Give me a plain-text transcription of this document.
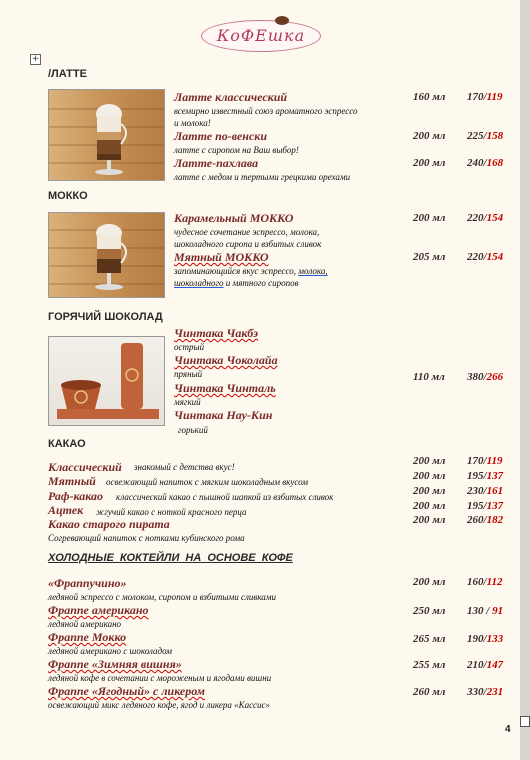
КоФЕшка
+
/ЛАТТЕ
Латте классический
всемирно известный союз ароматного эспрессо
и молока!
160 мл 170/119
Латте по-венски
латте с сиропом на Ваш выбор!
200 мл 225/158
Латте-пахлава
латте с медом и тертыми грецкими орехами
200 мл 240/168
МОККО
Карамельный МОККО
чудесное сочетание эспрессо, молока,
шоколадного сиропа и взбитых сливок
200 мл 220/154
Мятный МОККО
запоминающийся вкус эспрессо, молока,
шоколадного и мятного сиропов
205 мл 220/154
ГОРЯЧИЙ ШОКОЛАД
Чинтака Чакбэ
острый
Чинтака Чоколайа
пряный
Чинтака Чинталь
мягкий
Чинтака Нау-Кин
горький
110 мл 380/266
КАКАО
Классический знакомый с детства вкус!	200 мл 170/119
Мятный освежающий напиток с мягким шоколадным вкусом	200 мл 195/137
Раф-какао классический какао с пышной шапкой из взбитых сливок	200 мл 230/161
Ацтек жгучий какао с ноткой красного перца	200 мл 195/137
Какао старого пирата
Согревающий напиток с нотками кубинского рома
200 мл 260/182
ХОЛОДНЫЕ КОКТЕЙЛИ НА ОСНОВЕ КОФЕ
«Фраппучино»
ледяной эспрессо с молоком, сиропом и взбитыми сливками
200 мл 160/112
Фраппе американо
ледяной американо
250 мл 130 / 91
Фраппе Мокко
ледяной американо с шоколадом
265 мл 190/133
Фраппе «Зимняя вишня»
ледяной кофе в сочетании с мороженым и ягодами вишни
255 мл 210/147
Фраппе «Ягодный» с ликером
освежающий микс ледяного кофе, ягод и ликера «Кассис»
260 мл 330/231
4
